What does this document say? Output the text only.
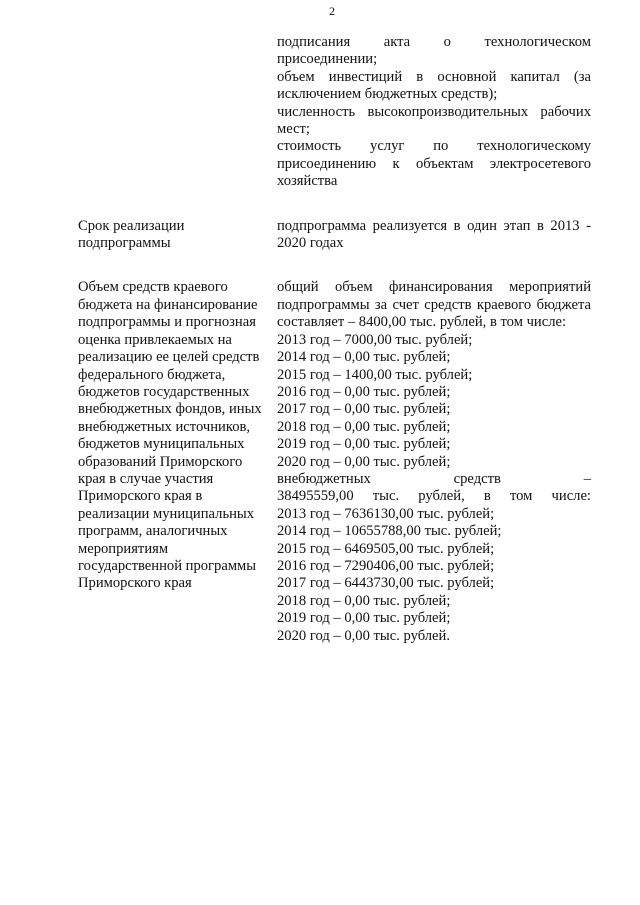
2
подписания акта о технологическом
присоединении;
объем инвестиций в основной капитал (за
исключением бюджетных средств);
численность высокопроизводительных рабочих
мест;
стоимость услуг по технологическому
присоединению к объектам электросетевого
хозяйства
Срок реализации
подпрограммы
подпрограмма реализуется в один этап в 2013 -
2020 годах
Объем средств краевого
бюджета на финансирование
подпрограммы и прогнозная
оценка привлекаемых на
реализацию ее целей средств
федерального бюджета,
бюджетов государственных
внебюджетных фондов, иных
внебюджетных источников,
бюджетов муниципальных
образований Приморского
края в случае участия
Приморского края в
реализации муниципальных
программ, аналогичных
мероприятиям
государственной программы
Приморского края
общий объем финансирования мероприятий
подпрограммы за счет средств краевого бюджета
составляет – 8400,00 тыс. рублей, в том числе:
2013 год – 7000,00 тыс. рублей;
2014 год – 0,00 тыс. рублей;
2015 год – 1400,00 тыс. рублей;
2016 год – 0,00 тыс. рублей;
2017 год – 0,00 тыс. рублей;
2018 год – 0,00 тыс. рублей;
2019 год – 0,00 тыс. рублей;
2020 год – 0,00 тыс. рублей;
внебюджетных средств –
38495559,00 тыс. рублей, в том числе:
2013 год – 7636130,00 тыс. рублей;
2014 год – 10655788,00 тыс. рублей;
2015 год – 6469505,00 тыс. рублей;
2016 год – 7290406,00 тыс. рублей;
2017 год – 6443730,00 тыс. рублей;
2018 год – 0,00 тыс. рублей;
2019 год – 0,00 тыс. рублей;
2020 год – 0,00 тыс. рублей.
